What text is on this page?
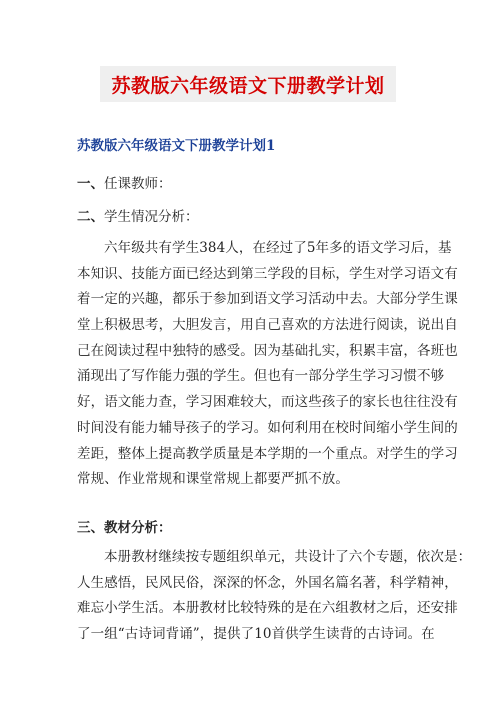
苏教版六年级语文下册教学计划
苏教版六年级语文下册教学计划1
一、任课教师：
二、学生情况分析：
六年级共有学生384人，在经过了5年多的语文学习后，基
本知识、技能方面已经达到第三学段的目标，学生对学习语文有
着一定的兴趣，都乐于参加到语文学习活动中去。大部分学生课
堂上积极思考，大胆发言，用自己喜欢的方法进行阅读，说出自
己在阅读过程中独特的感受。因为基础扎实，积累丰富，各班也
涌现出了写作能力强的学生。但也有一部分学生学习习惯不够
好，语文能力查，学习困难较大，而这些孩子的家长也往往没有
时间没有能力辅导孩子的学习。如何利用在校时间缩小学生间的
差距，整体上提高教学质量是本学期的一个重点。对学生的学习
常规、作业常规和课堂常规上都要严抓不放。
三、教材分析：
本册教材继续按专题组织单元，共设计了六个专题，依次是：
人生感悟，民风民俗，深深的怀念，外国名篇名著，科学精神，
难忘小学生活。本册教材比较特殊的是在六组教材之后，还安排
了一组“古诗词背诵”，提供了10首供学生读背的古诗词。在
